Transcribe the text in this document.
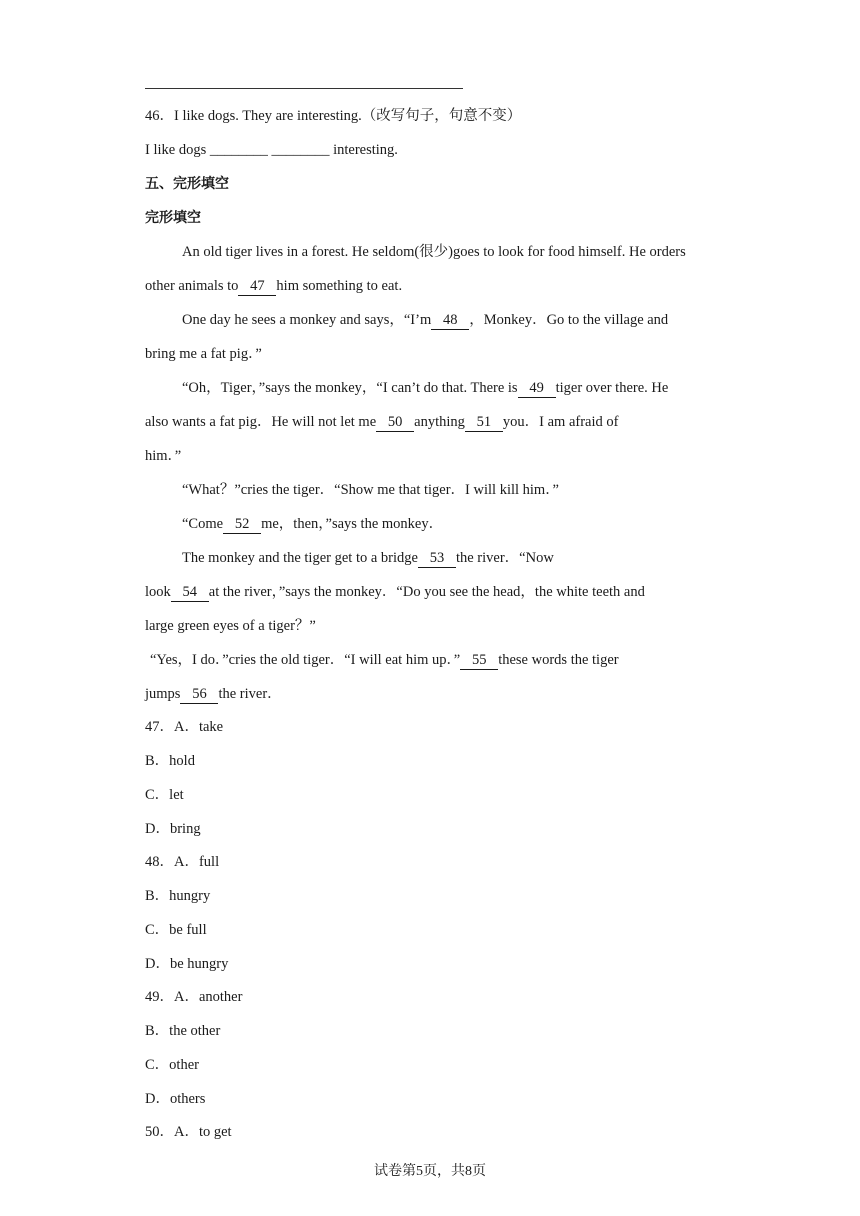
46．I like dogs. They are interesting.（改写句子，句意不变）
I like dogs ________ ________ interesting.
五、完形填空
完形填空
An old tiger lives in a forest. He seldom(很少)goes to look for food himself. He orders
other animals to 47 him something to eat.
One day he sees a monkey and says，“I’m 48 ，Monkey．Go to the village and
bring me a fat pig．”
“Oh，Tiger，”says the monkey，“I can’t do that. There is 49 tiger over there. He
also wants a fat pig．He will not let me 50 anything 51 you．I am afraid of
him．”
“What？”cries the tiger．“Show me that tiger．I will kill him．”
“Come 52 me，then，”says the monkey．
The monkey and the tiger get to a bridge 53 the river．“Now
look 54 at the river，”says the monkey．“Do you see the head，the white teeth and
large green eyes of a tiger？”
“Yes，I do．”cries the old tiger．“I will eat him up．” 55 these words the tiger
jumps 56 the river．
47．A．take
B．hold
C．let
D．bring
48．A．full
B．hungry
C．be full
D．be hungry
49．A．another
B．the other
C．other
D．others
50．A．to get
试卷第5页，共8页
